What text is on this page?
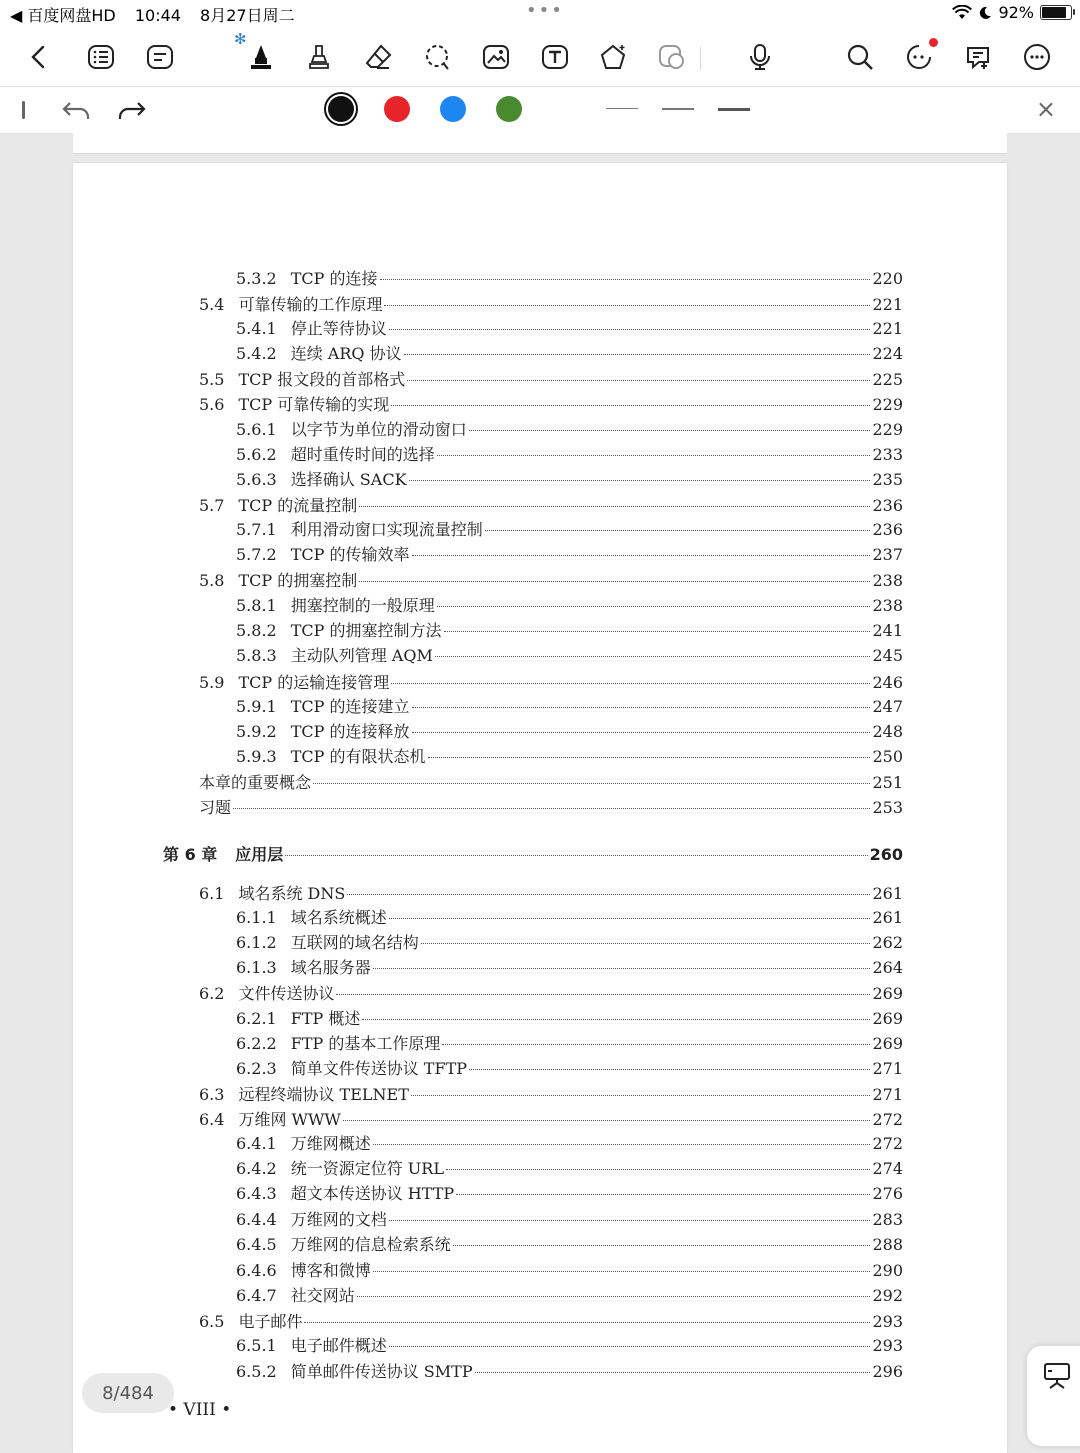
◀ 百度网盘HD 10:44 8月27日周二	•••	92%
✻
×
5.3.2 TCP 的连接	220
5.4 可靠传输的工作原理	221
5.4.1 停止等待协议	221
5.4.2 连续 ARQ 协议	224
5.5 TCP 报文段的首部格式	225
5.6 TCP 可靠传输的实现	229
5.6.1 以字节为单位的滑动窗口	229
5.6.2 超时重传时间的选择	233
5.6.3 选择确认 SACK	235
5.7 TCP 的流量控制	236
5.7.1 利用滑动窗口实现流量控制	236
5.7.2 TCP 的传输效率	237
5.8 TCP 的拥塞控制	238
5.8.1 拥塞控制的一般原理	238
5.8.2 TCP 的拥塞控制方法	241
5.8.3 主动队列管理 AQM	245
5.9 TCP 的运输连接管理	246
5.9.1 TCP 的连接建立	247
5.9.2 TCP 的连接释放	248
5.9.3 TCP 的有限状态机	250
本章的重要概念	251
习题	253
第 6 章 应用层	260
6.1 域名系统 DNS	261
6.1.1 域名系统概述	261
6.1.2 互联网的域名结构	262
6.1.3 域名服务器	264
6.2 文件传送协议	269
6.2.1 FTP 概述	269
6.2.2 FTP 的基本工作原理	269
6.2.3 简单文件传送协议 TFTP	271
6.3 远程终端协议 TELNET	271
6.4 万维网 WWW	272
6.4.1 万维网概述	272
6.4.2 统一资源定位符 URL	274
6.4.3 超文本传送协议 HTTP	276
6.4.4 万维网的文档	283
6.4.5 万维网的信息检索系统	288
6.4.6 博客和微博	290
6.4.7 社交网站	292
6.5 电子邮件	293
6.5.1 电子邮件概述	293
6.5.2 简单邮件传送协议 SMTP	296
• VIII •
8/484
